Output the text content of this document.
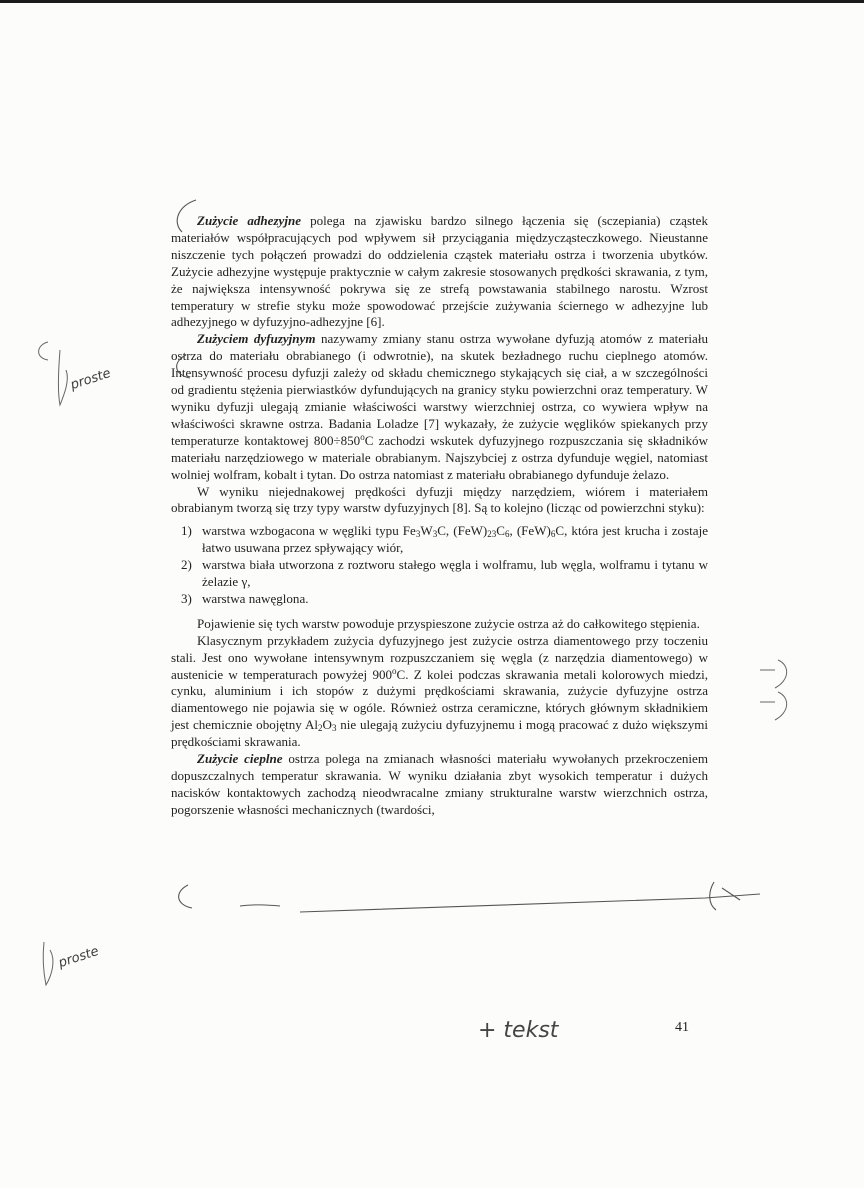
Zużycie adhezyjne polega na zjawisku bardzo silnego łączenia się (sczepiania) cząstek materiałów współpracujących pod wpływem sił przyciągania międzycząsteczkowego. Nieustanne niszczenie tych połączeń prowadzi do oddzielenia cząstek materiału ostrza i tworzenia ubytków. Zużycie adhezyjne występuje praktycznie w całym zakresie stosowanych prędkości skrawania, z tym, że największa intensywność pokrywa się ze strefą powstawania stabilnego narostu. Wzrost temperatury w strefie styku może spowodować przejście zużywania ściernego w adhezyjne lub adhezyjnego w dyfuzyjno-adhezyjne [6].

Zużyciem dyfuzyjnym nazywamy zmiany stanu ostrza wywołane dyfuzją atomów z materiału ostrza do materiału obrabianego (i odwrotnie), na skutek bezładnego ruchu cieplnego atomów. Intensywność procesu dyfuzji zależy od składu chemicznego stykających się ciał, a w szczególności od gradientu stężenia pierwiastków dyfundujących na granicy styku powierzchni oraz temperatury. W wyniku dyfuzji ulegają zmianie właściwości warstwy wierzchniej ostrza, co wywiera wpływ na właściwości skrawne ostrza. Badania Loladze [7] wykazały, że zużycie węglików spiekanych przy temperaturze kontaktowej $800\div 850^oC$ zachodzi wskutek dyfuzyjnego rozpuszczania się składników materiału narzędziowego w materiale obrabianym. Najszybciej z ostrza dyfunduje węgiel, natomiast wolniej wolfram, kobalt i tytan. Do ostrza natomiast z materiału obrabianego dyfunduje żelazo.

W wyniku niejednakowej prędkości dyfuzji między narzędziem, wiórem i materiałem obrabianym tworzą się trzy typy warstw dyfuzyjnych [8]. Są to kolejno (licząc od powierzchni styku):

1) warstwa wzbogacona w węgliki typu $Fe_3W_3C$, $(FeW)_{23}C_6$, $(FeW)_6C$, która jest krucha i zostaje łatwo usuwana przez spływający wiór,
2) warstwa biała utworzona z roztworu stałego węgla i wolframu, lub węgla, wolframu i tytanu w żelazie γ,
3) warstwa nawęglona.

Pojawienie się tych warstw powoduje przyspieszone zużycie ostrza aż do całkowitego stępienia.

Klasycznym przykładem zużycia dyfuzyjnego jest zużycie ostrza diamentowego przy toczeniu stali. Jest ono wywołane intensywnym rozpuszczaniem się węgla (z narzędzia diamentowego) w austenicie w temperaturach powyżej 900$^o$C. Z kolei podczas skrawania metali kolorowych miedzi, cynku, aluminium i ich stopów z dużymi prędkościami skrawania, zużycie dyfuzyjne ostrza diamentowego nie pojawia się w ogóle. Również ostrza ceramiczne, których głównym składnikiem jest chemicznie obojętny $Al_2O_3$ nie ulegają zużyciu dyfuzyjnemu i mogą pracować z dużo większymi prędkościami skrawania.

Zużycie cieplne ostrza polega na zmianach własności materiału wywołanych przekroczeniem dopuszczalnych temperatur skrawania. W wyniku działania zbyt wysokich temperatur i dużych nacisków kontaktowych zachodzą nieodwracalne zmiany strukturalne warstw wierzchnich ostrza, pogorszenie własności mechanicznych (twardości,

41
proste
proste
+ tekst
